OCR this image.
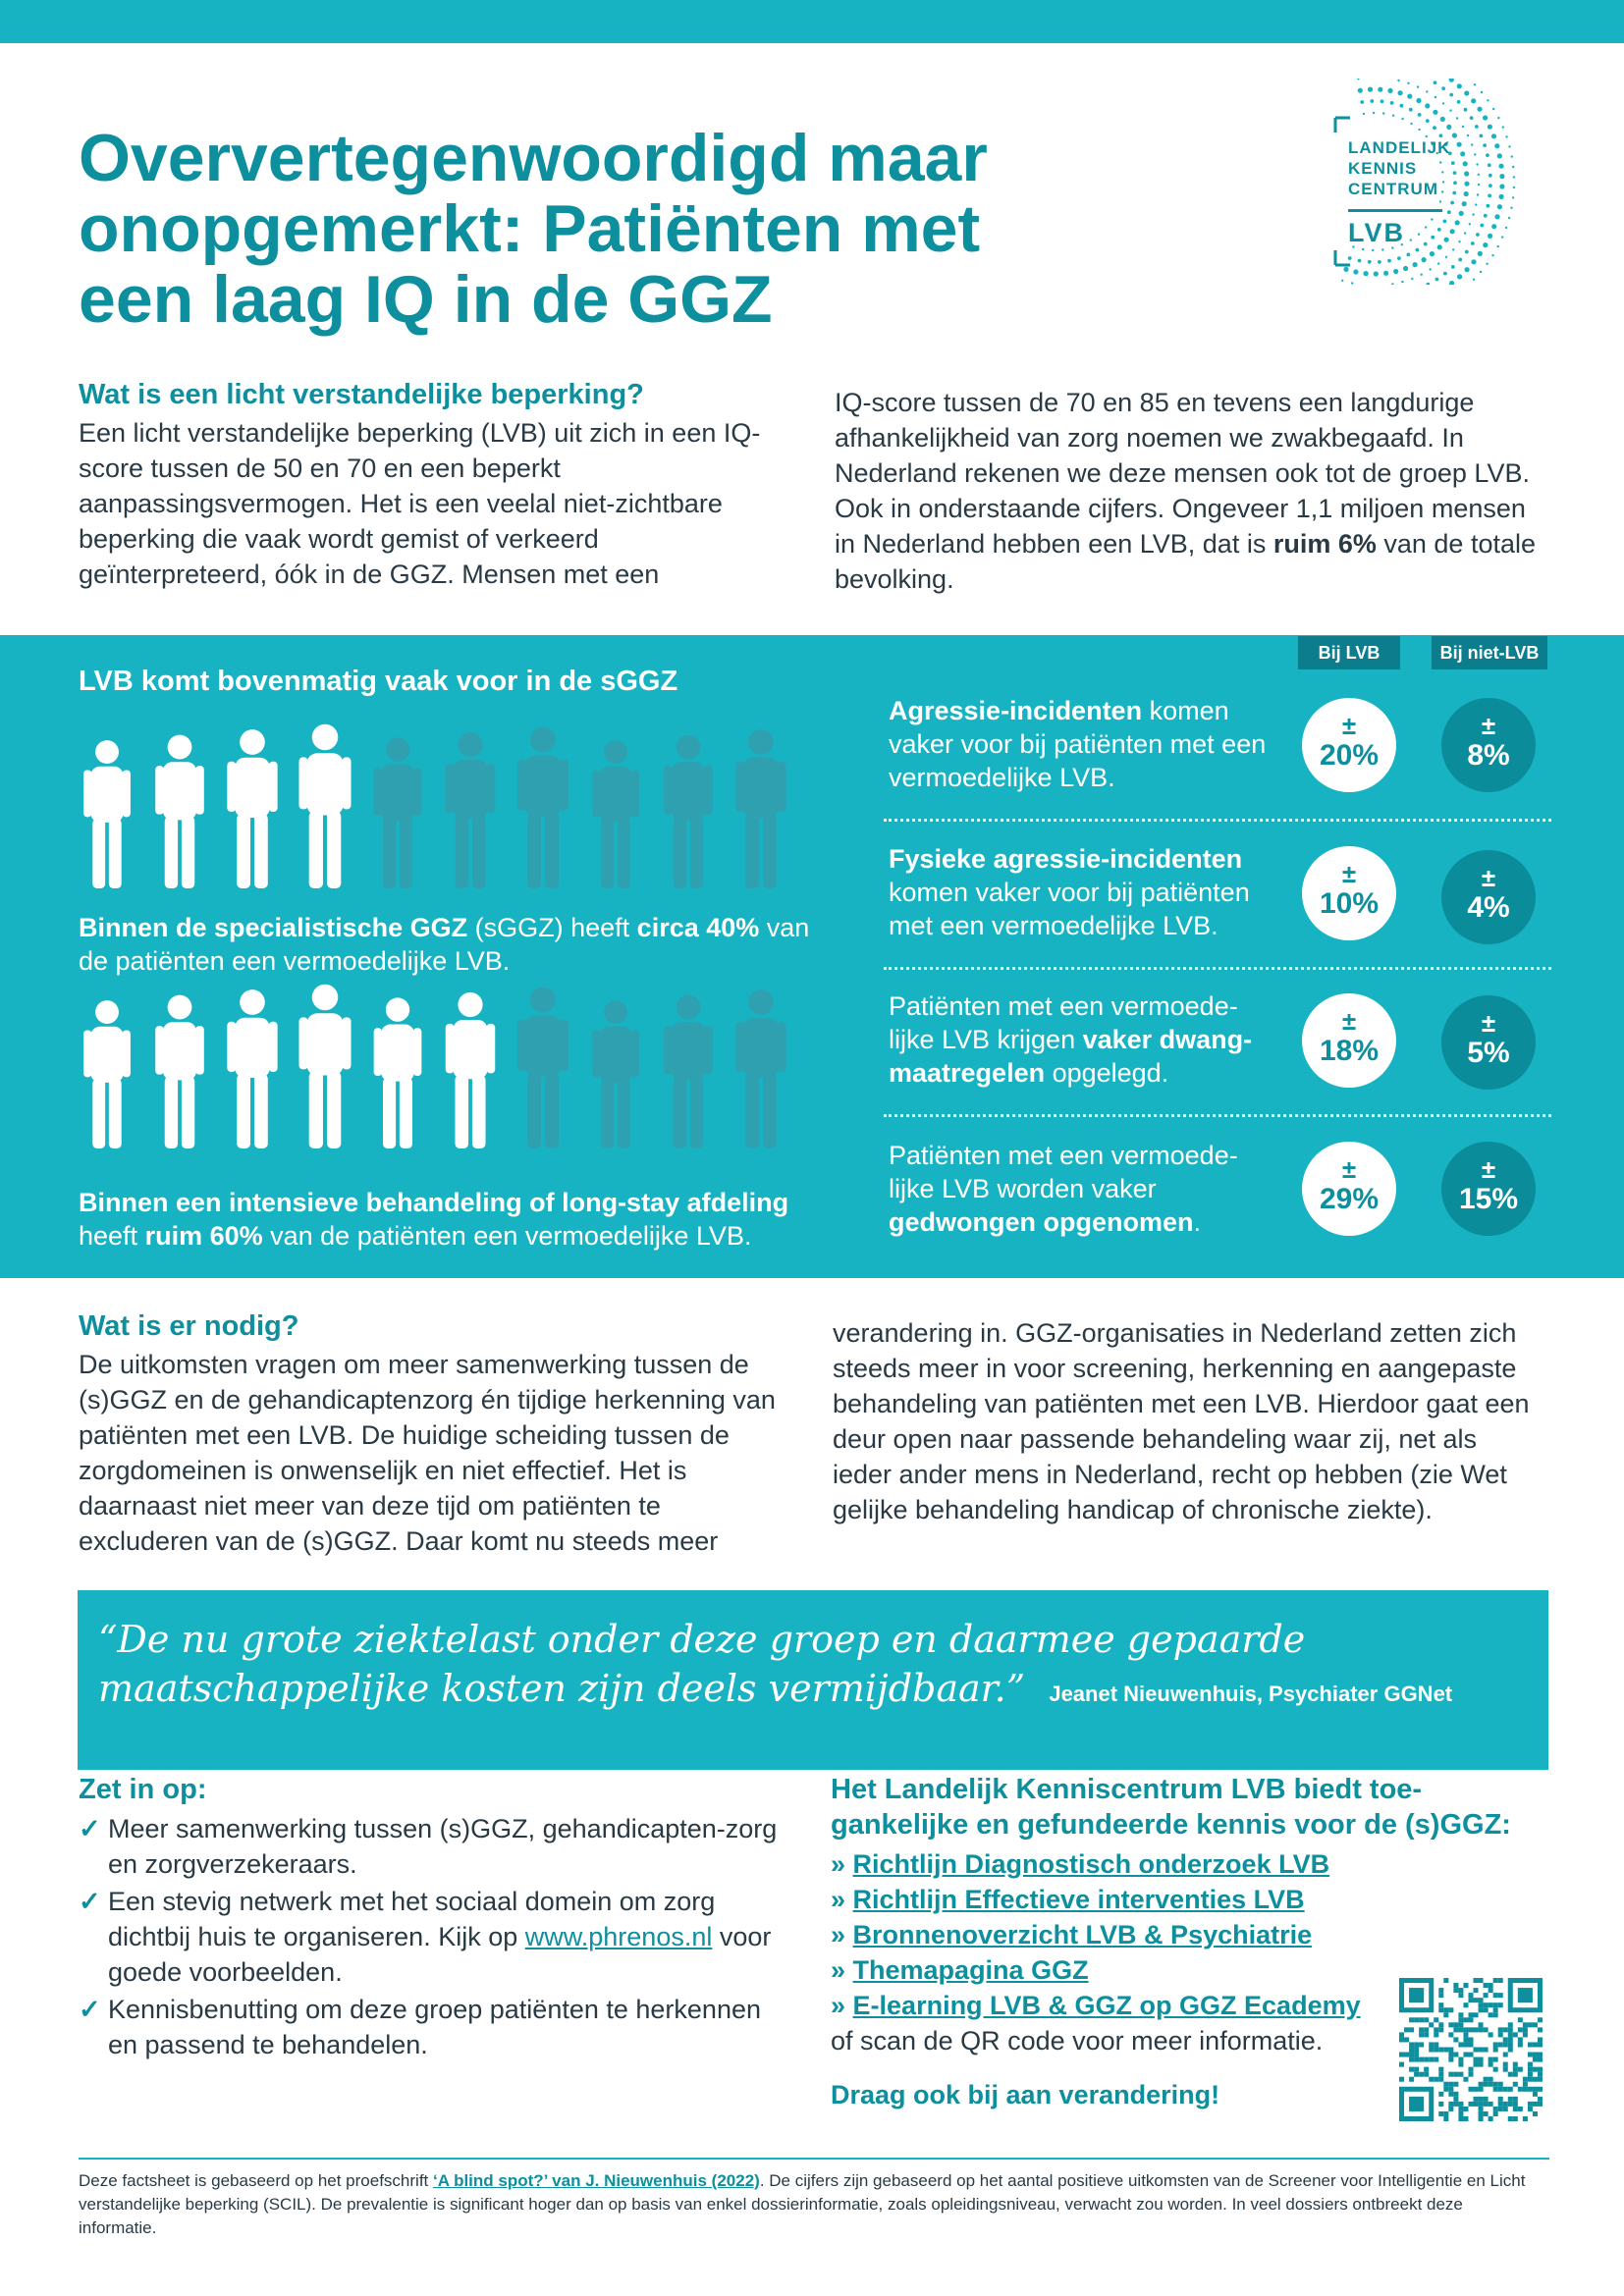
Oververtegenwoordigd maar onopgemerkt: Patiënten met een laag IQ in de GGZ
LANDELIJK
KENNIS
CENTRUM
LVB
Wat is een licht verstandelijke beperking?
Een licht verstandelijke beperking (LVB) uit zich in een IQ-score tussen de 50 en 70 en een beperkt aanpassingsvermogen. Het is een veelal niet-zichtbare beperking die vaak wordt gemist of verkeerd geïnterpreteerd, óók in de GGZ. Mensen met een
IQ-score tussen de 70 en 85 en tevens een langdurige afhankelijkheid van zorg noemen we zwakbegaafd. In Nederland rekenen we deze mensen ook tot de groep LVB. Ook in onderstaande cijfers. Ongeveer 1,1 miljoen mensen in Nederland hebben een LVB, dat is ruim 6% van de totale bevolking.
LVB komt bovenmatig vaak voor in de sGGZ
Binnen de specialistische GGZ (sGGZ) heeft circa 40% van de patiënten een vermoedelijke LVB.
Binnen een intensieve behandeling of long-stay afdeling heeft ruim 60% van de patiënten een vermoedelijke LVB.
Bij LVB	Bij niet-LVB
Agressie-incidenten komen vaker voor bij patiënten met een vermoedelijke LVB.
±
20%
±
8%
Fysieke agressie-incidenten komen vaker voor bij patiënten met een vermoedelijke LVB.
±
10%
±
4%
Patiënten met een vermoede-lijke LVB krijgen vaker dwang-maatregelen opgelegd.
±
18%
±
5%
Patiënten met een vermoede-lijke LVB worden vaker gedwongen opgenomen.
±
29%
±
15%
Wat is er nodig?
De uitkomsten vragen om meer samenwerking tussen de (s)GGZ en de gehandicaptenzorg én tijdige herkenning van patiënten met een LVB. De huidige scheiding tussen de zorgdomeinen is onwenselijk en niet effectief. Het is daarnaast niet meer van deze tijd om patiënten te excluderen van de (s)GGZ. Daar komt nu steeds meer
verandering in. GGZ-organisaties in Nederland zetten zich steeds meer in voor screening, herkenning en aangepaste behandeling van patiënten met een LVB. Hierdoor gaat een deur open naar passende behandeling waar zij, net als ieder ander mens in Nederland, recht op hebben (zie Wet gelijke behandeling handicap of chronische ziekte).
“De nu grote ziektelast onder deze groep en daarmee gepaarde maatschappelijke kosten zijn deels vermijdbaar.” Jeanet Nieuwenhuis, Psychiater GGNet
Zet in op:
✓ Meer samenwerking tussen (s)GGZ, gehandicapten-zorg en zorgverzekeraars.
✓ Een stevig netwerk met het sociaal domein om zorg dichtbij huis te organiseren. Kijk op www.phrenos.nl voor goede voorbeelden.
✓ Kennisbenutting om deze groep patiënten te herkennen en passend te behandelen.
Het Landelijk Kenniscentrum LVB biedt toe-gankelijke en gefundeerde kennis voor de (s)GGZ:
» Richtlijn Diagnostisch onderzoek LVB
» Richtlijn Effectieve interventies LVB
» Bronnenoverzicht LVB & Psychiatrie
» Themapagina GGZ
» E-learning LVB & GGZ op GGZ Ecademy
of scan de QR code voor meer informatie.
Draag ook bij aan verandering!
Deze factsheet is gebaseerd op het proefschrift ‘A blind spot?’ van J. Nieuwenhuis (2022). De cijfers zijn gebaseerd op het aantal positieve uitkomsten van de Screener voor Intelligentie en Licht verstandelijke beperking (SCIL). De prevalentie is significant hoger dan op basis van enkel dossierinformatie, zoals opleidingsniveau, verwacht zou worden. In veel dossiers ontbreekt deze informatie.
